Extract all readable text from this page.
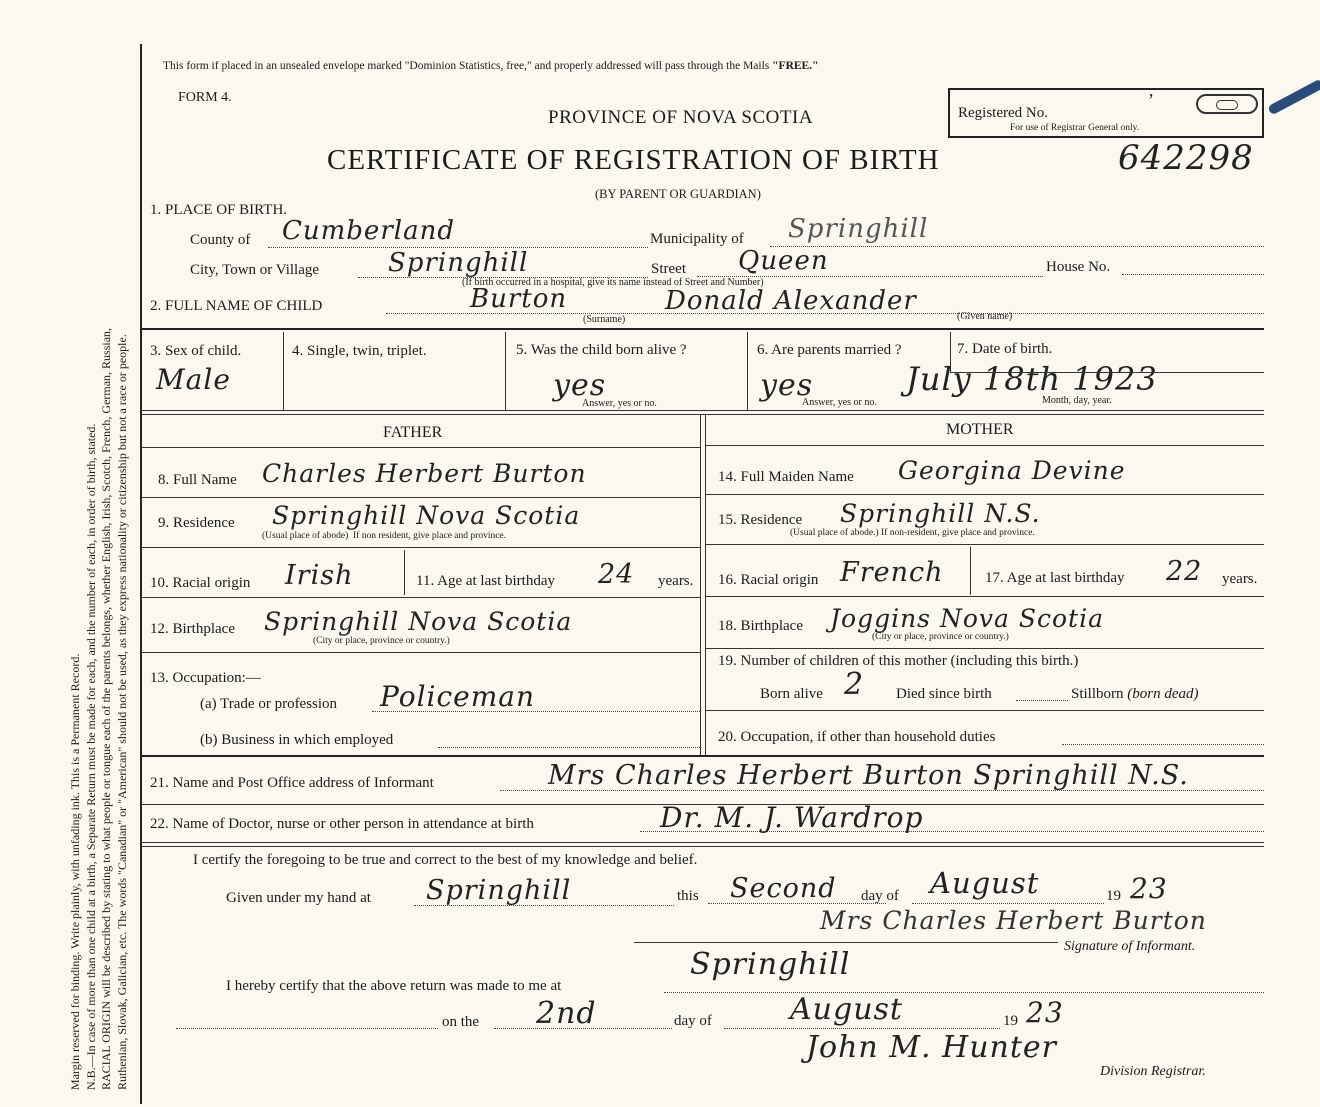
Margin reserved for binding. Write plainly, with unfading ink. This is a Permanent Record. N.B.—In case of more than one child at a birth, a Separate Return must be made for each, and the number of each, in order of birth, stated. RACIAL ORIGIN will be described by stating to what people or tongue each of the parents belongs, whether English, Irish, Scotch, French, German, Russian, Ruthenian, Slovak, Galician, etc. The words "Canadian" or "American" should not be used, as they express nationality or citizenship but not a race or people.
This form if placed in an unsealed envelope marked "Dominion Statistics, free," and properly addressed will pass through the Mails "FREE."
FORM 4.
PROVINCE OF NOVA SCOTIA	Registered No.
For use of Registrar General only.
’
CERTIFICATE OF REGISTRATION OF BIRTH	642298
(BY PARENT OR GUARDIAN)
1. PLACE OF BIRTH.
County of Cumberland	Municipality of Springhill
City, Town or Village	Springhill	Street Queen	House No.
(If birth occurred in a hospital, give its name instead of Street and Number)
2. FULL NAME OF CHILD	Burton	Donald Alexander
(Surname)	(Given name)
3. Sex of child.
Male
4. Single, twin, triplet.	5. Was the child born alive ?
yes
Answer, yes or no.
6. Are parents married ?
yes
Answer, yes or no.
7. Date of birth.
July 18th 1923
Month, day, year.
FATHER	MOTHER
8. Full Name Charles Herbert Burton
9. Residence Springhill Nova Scotia
(Usual place of abode) If non resident, give place and province.
10. Racial origin Irish	11. Age at last birthday 24 years.
12. Birthplace Springhill Nova Scotia
(City or place, province or country.)
13. Occupation:—
(a) Trade or profession Policeman
(b) Business in which employed
14. Full Maiden Name Georgina Devine
15. Residence Springhill N.S.
(Usual place of abode.) If non-resident, give place and province.
16. Racial origin French	17. Age at last birthday 22 years.
18. Birthplace Joggins Nova Scotia
(City or place, province or country.)
19. Number of children of this mother (including this birth.)
Born alive 2 Died since birth	Stillborn (born dead)
20. Occupation, if other than household duties
21. Name and Post Office address of Informant	Mrs Charles Herbert Burton Springhill N.S.
22. Name of Doctor, nurse or other person in attendance at birth	Dr. M. J. Wardrop
I certify the foregoing to be true and correct to the best of my knowledge and belief.
Given under my hand at Springhill	this Second day of August	19 23
Mrs Charles Herbert Burton
Signature of Informant.
I hereby certify that the above return was made to me at
Springhill
on the 2nd	day of	August	19 23
John M. Hunter
Division Registrar.
